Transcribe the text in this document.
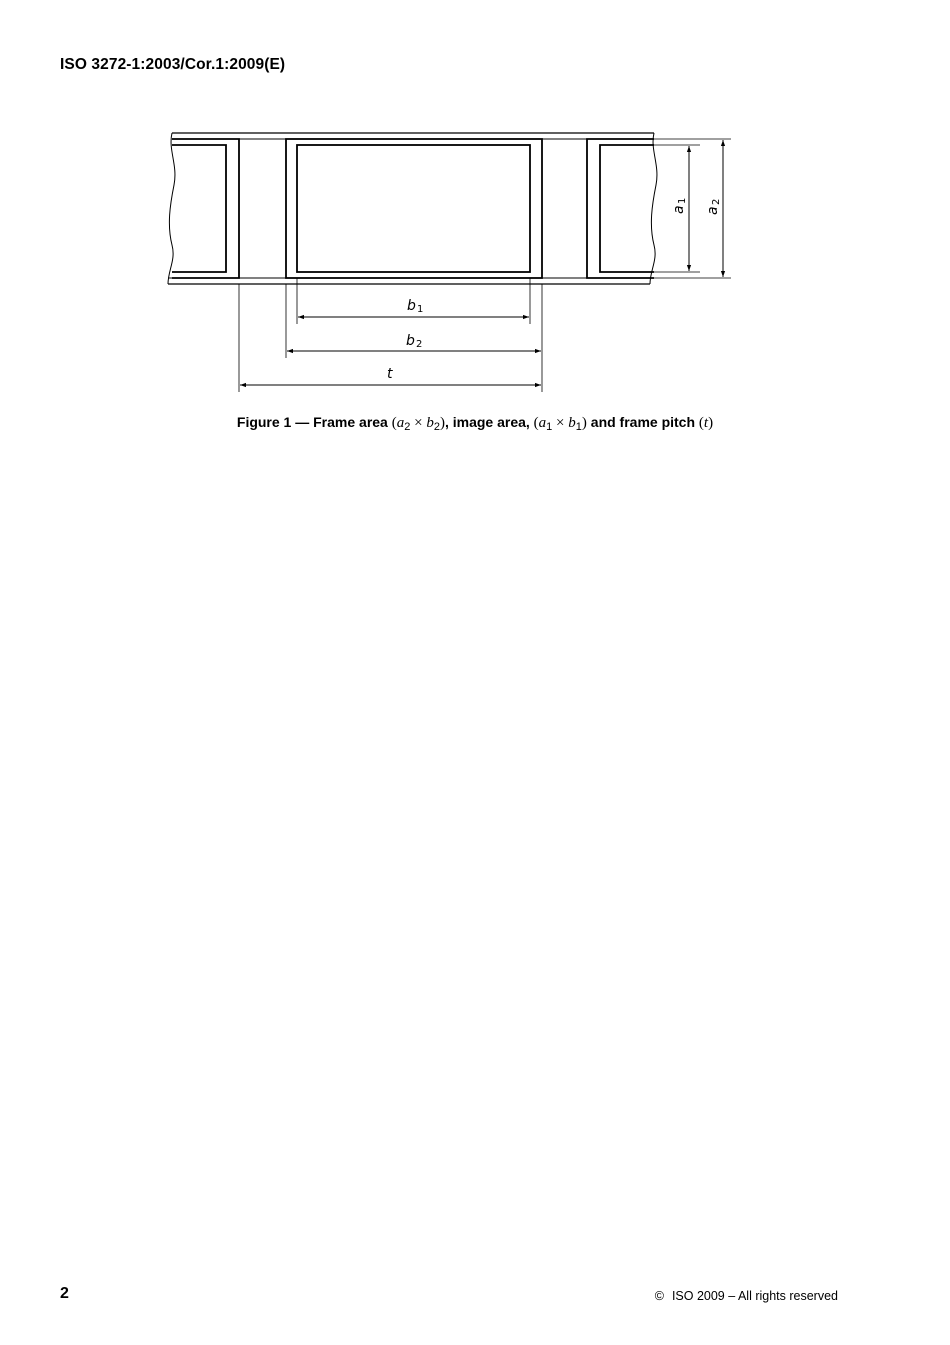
ISO 3272-1:2003/Cor.1:2009(E)
b 1
b 2
t
a
1
a
2
Figure 1 — Frame area $(a_2 \times b_2)$, image area, $(a_1 \times b_1)$ and frame pitch (t)
2	© ISO 2009 – All rights reserved
